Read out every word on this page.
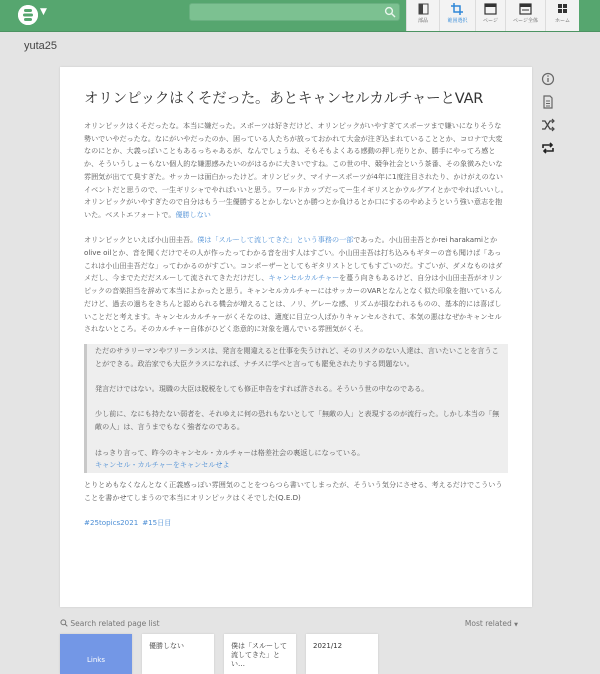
▼
部品	範囲選択	ページ	ページ全体	ホーム
yuta25
オリンピックはくそだった。あとキャンセルカルチャーとVAR

オリンピックはくそだったな。本当に嫌だった。スポーツは好きだけど、オリンピックがいやすぎてスポーツまで嫌いになりそうな勢いでいやだったな。なにがいやだったのか、困っている人たちが放っておかれて大金が注ぎ込まれていることとか、コロナで大変なのにとか、大義っぽいこともあるっちゃあるが、なんでしょうね、そもそもよくある感動の押し売りとか、勝手にやってろ感とか、そういうしょーもない個人的な嫌悪感みたいのがはるかに大きいですね。この世の中、競争社会という茶番、その象徴みたいな雰囲気が出てて臭すぎた。サッカーは面白かったけど。オリンピック、マイナースポーツが4年に1度注目されたり、かけがえのないイベントだと思うので、一生ギリシャでやればいいと思う。ワールドカップだってー生イギリスとかウルグアイとかでやればいいし。オリンピックがいやすぎたので自分はもう一生優勝するとかしないとか勝つとか負けるとか口にするのやめようという強い意志を抱いた。ベストエフォートで。優勝しない

オリンピックといえば小山田圭吾。僕は「スルーして流してきた」という事務の一部であった。小山田圭吾とかrei harakamiとかolive oilとか、音を聞くだけでその人が作ったってわかる音を出す人はすごい。小山田圭吾は打ち込みもギターの音も聞けば「あっこれは小山田圭吾だな」ってわかるのがすごい。コンポーザーとしてもギタリストとしてもすごいのだ。すごいが、ダメなものはダメだし、今までただだスルーして流されてきただけだし、キャンセルカルチャーを蔓う向きもあるけど、自分は小山田圭吾がオリンピックの音楽担当を辞めて本当によかったと思う。キャンセルカルチャーにはサッカーのVARとなんとなく似た印象を抱いているんだけど、過去の過ちをきちんと認められる機会が増えることは、ノリ、グレーな感、リズムが損なわれるものの、基本的には喜ばしいことだと考えます。キャンセルカルチャーがくそなのは、適度に目立つ人ばかりキャンセルされて、本気の悪はなぜかキャンセルされないところ。そのカルチャー自体がひどく恣意的に対象を選んでいる雰囲気がくそ。

ただのサラリーマンやフリーランスは、発言を閲違えると仕事を失うけれど、そのリスクのない人達は、言いたいことを言うことができる。政治家でも大臣クラスになれば、ナチスに学べと言っても罷免されたりする問題ない。

発言だけではない。現職の大臣は脱税をしても修正申告をすれば許される。そういう世の中なのである。

少し前に、なにも持たない弱者を、それゆえに何の恐れもないとして「無敵の人」と表現するのが流行った。しかし本当の「無敵の人」は、言うまでもなく強者なのである。

はっきり言って、昨今のキャンセル・カルチャーは格差社会の裏返しになっている。

キャンセル・カルチャーをキャンセルせよ

とりとめもなくなんとなく正義感っぽい雰囲気のことをつらつら書いてしまったが、そういう気分にさせる、考えるだけでこういうことを書かせてしまうので本当にオリンピックはくそでした(Q.E.D)

#25topics2021 #15日目

Search related page list	Most related ▼
Links
優勝しない	僕は「スルーして流してきた」とい…
2021/12
